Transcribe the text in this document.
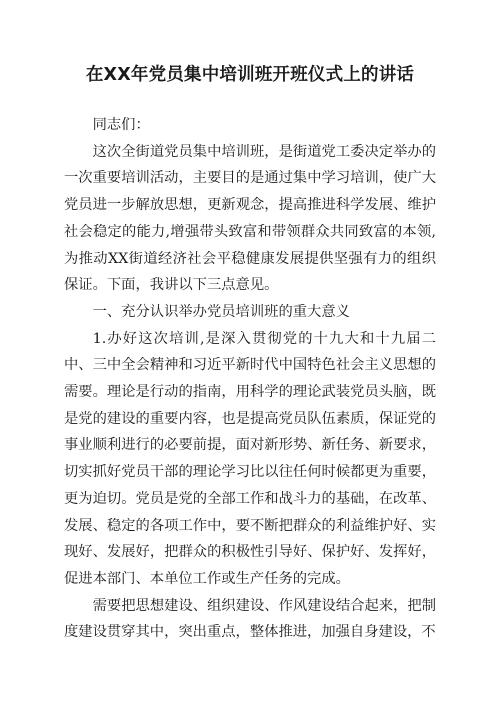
在XX年党员集中培训班开班仪式上的讲话

同志们：

这次全街道党员集中培训班，是街道党工委决定举办的一次重要培训活动，主要目的是通过集中学习培训，使广大党员进一步解放思想，更新观念，提高推进科学发展、维护社会稳定的能力,增强带头致富和带领群众共同致富的本领,为推动XX街道经济社会平稳健康发展提供坚强有力的组织保证。下面，我讲以下三点意见。

一、充分认识举办党员培训班的重大意义

1.办好这次培训,是深入贯彻党的十九大和十九届二中、三中全会精神和习近平新时代中国特色社会主义思想的需要。理论是行动的指南，用科学的理论武装党员头脑，既是党的建设的重要内容，也是提高党员队伍素质，保证党的事业顺利进行的必要前提，面对新形势、新任务、新要求，切实抓好党员干部的理论学习比以往任何时候都更为重要，更为迫切。党员是党的全部工作和战斗力的基础，在改革、发展、稳定的各项工作中，要不断把群众的利益维护好、实现好、发展好，把群众的积极性引导好、保护好、发挥好，促进本部门、本单位工作或生产任务的完成。

需要把思想建设、组织建设、作风建设结合起来，把制度建设贯穿其中，突出重点，整体推进，加强自身建设，不
